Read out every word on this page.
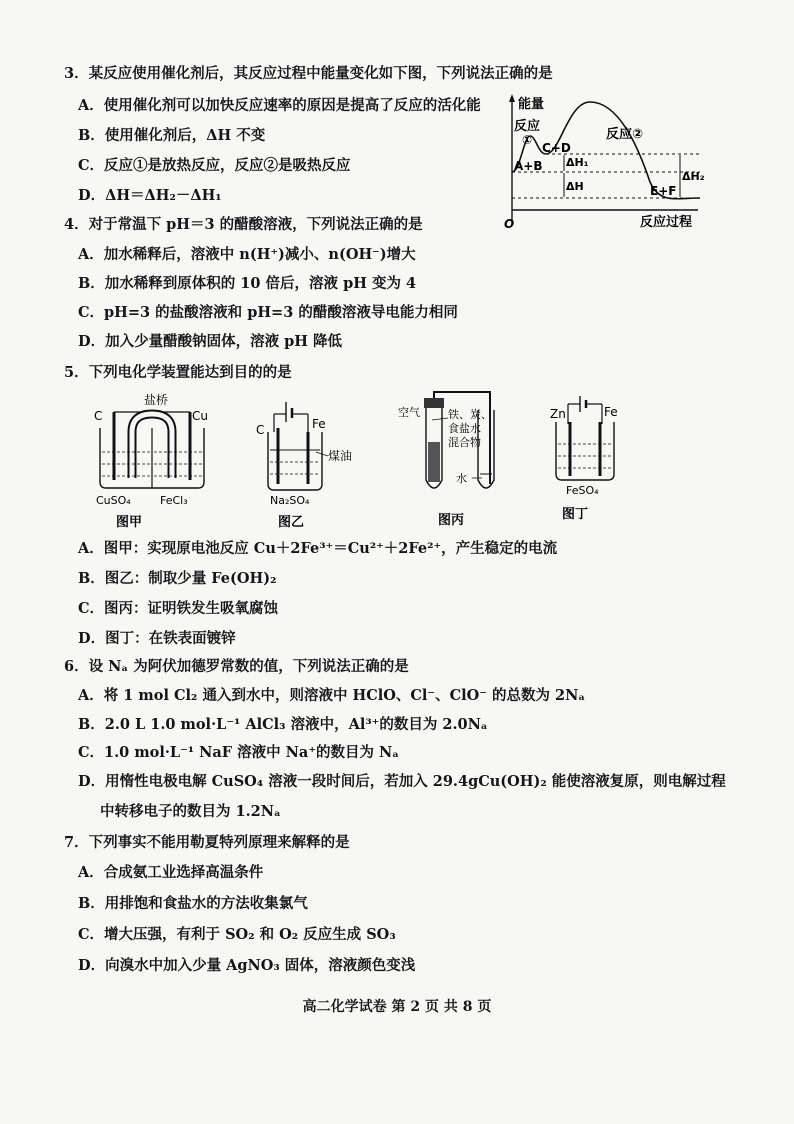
3．某反应使用催化剂后，其反应过程中能量变化如下图，下列说法正确的是
A．使用催化剂可以加快反应速率的原因是提高了反应的活化能
B．使用催化剂后，ΔH 不变
C．反应①是放热反应，反应②是吸热反应
D．ΔH＝ΔH₂－ΔH₁
能量
反应
①	反应②
C+D
A+B ΔH₁
ΔH
ΔH₂
E+F
O	反应过程
4．对于常温下 pH＝3 的醋酸溶液，下列说法正确的是
A．加水稀释后，溶液中 n(H⁺)减小、n(OH⁻)增大
B．加水稀释到原体积的 10 倍后，溶液 pH 变为 4
C．pH=3 的盐酸溶液和 pH=3 的醋酸溶液导电能力相同
D．加入少量醋酸钠固体，溶液 pH 降低
5．下列电化学装置能达到目的的是
盐桥
C	Cu
CuSO₄	FeCl₃
图甲
C	Fe
煤油
Na₂SO₄
图乙
空气	铁、炭、
食盐水
混合物
水
图丙
Zn	Fe
FeSO₄
图丁
A．图甲：实现原电池反应 Cu＋2Fe³⁺＝Cu²⁺＋2Fe²⁺，产生稳定的电流
B．图乙：制取少量 Fe(OH)₂
C．图丙：证明铁发生吸氧腐蚀
D．图丁：在铁表面镀锌
6．设 Nₐ 为阿伏加德罗常数的值，下列说法正确的是
A．将 1 mol Cl₂ 通入到水中，则溶液中 HClO、Cl⁻、ClO⁻ 的总数为 2Nₐ
B．2.0 L 1.0 mol·L⁻¹ AlCl₃ 溶液中，Al³⁺的数目为 2.0Nₐ
C．1.0 mol·L⁻¹ NaF 溶液中 Na⁺的数目为 Nₐ
D．用惰性电极电解 CuSO₄ 溶液一段时间后，若加入 29.4gCu(OH)₂ 能使溶液复原，则电解过程
中转移电子的数目为 1.2Nₐ
7．下列事实不能用勒夏特列原理来解释的是
A．合成氨工业选择高温条件
B．用排饱和食盐水的方法收集氯气
C．增大压强，有利于 SO₂ 和 O₂ 反应生成 SO₃
D．向溴水中加入少量 AgNO₃ 固体，溶液颜色变浅
高二化学试卷 第 2 页 共 8 页
